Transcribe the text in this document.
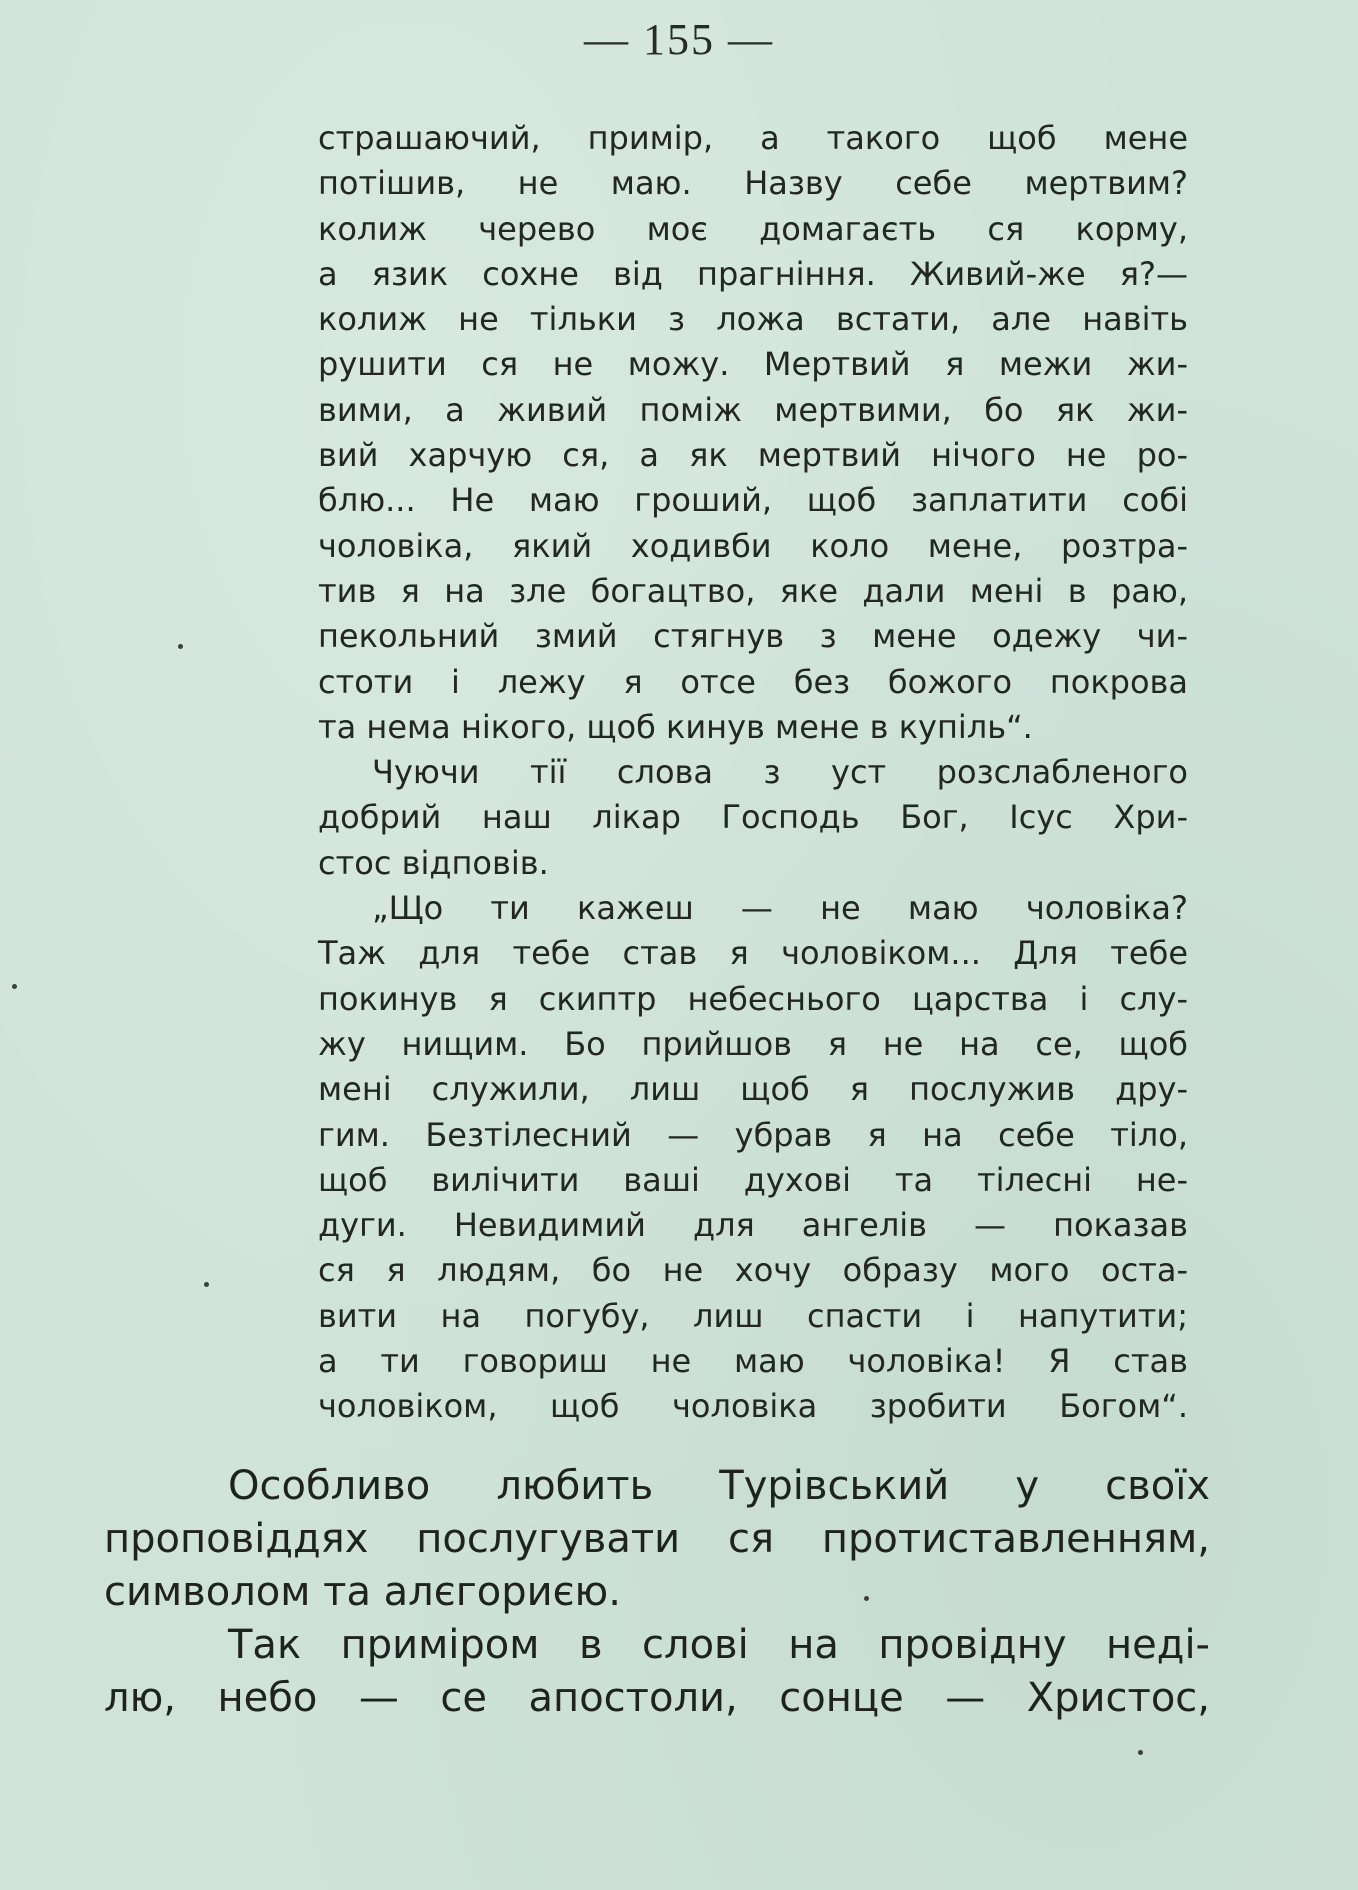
— 155 —
страшаючий, примір, а такого щоб мене
потішив, не маю. Назву себе мертвим?
колиж черево моє домагаєть ся корму,
а язик сохне від прагніння. Живий-же я?—
колиж не тільки з ложа встати, але навіть
рушити ся не можу. Мертвий я межи жи-
вими, а живий поміж мертвими, бо як жи-
вий харчую ся, а як мертвий нічого не ро-
блю... Не маю гроший, щоб заплатити собі
чоловіка, який ходивби коло мене, розтра-
тив я на зле богацтво, яке дали мені в раю,
пекольний змий стягнув з мене одежу чи-
стоти і лежу я отсе без божого покрова
та нема нікого, щоб кинув мене в купіль“.
Чуючи тії слова з уст розслабленого
добрий наш лікар Господь Бог, Ісус Хри-
стос відповів.
„Що ти кажеш — не маю чоловіка?
Таж для тебе став я чоловіком... Для тебе
покинув я скиптр небеснього царства і слу-
жу нищим. Бо прийшов я не на се, щоб
мені служили, лиш щоб я послужив дру-
гим. Безтілесний — убрав я на себе тіло,
щоб вилічити ваші духові та тілесні не-
дуги. Невидимий для ангелів — показав
ся я людям, бо не хочу образу мого оста-
вити на погубу, лиш спасти і напутити;
а ти говориш не маю чоловіка! Я став
чоловіком, щоб чоловіка зробити Богом“.
Особливо любить Турівський у своїх
проповіддях послугувати ся протиставленням,
символом та алєгориєю.
Так приміром в слові на провідну неді-
лю, небо — се апостоли, сонце — Христос,
